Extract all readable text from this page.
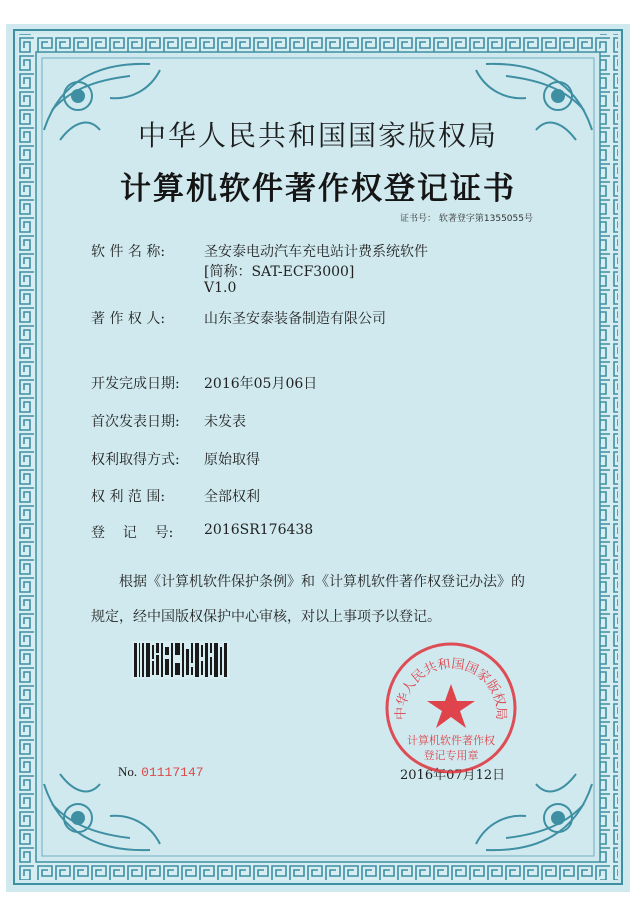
中华人民共和国国家版权局
计算机软件著作权登记证书
证书号： 软著登字第1355055号
软 件 名 称:	圣安泰电动汽车充电站计费系统软件
[简称：SAT-ECF3000]
V1.0
著 作 权 人:	山东圣安泰装备制造有限公司
开发完成日期: 2016年05月06日
首次发表日期: 未发表
权利取得方式: 原始取得
权 利 范 围:	全部权利
登    记    号: 2016SR176438
根据《计算机软件保护条例》和《计算机软件著作权登记办法》的
规定，经中国版权保护中心审核，对以上事项予以登记。
No. 01117147	2016年07月12日
中华人民共和国国家版权局
计算机软件著作权
登记专用章
